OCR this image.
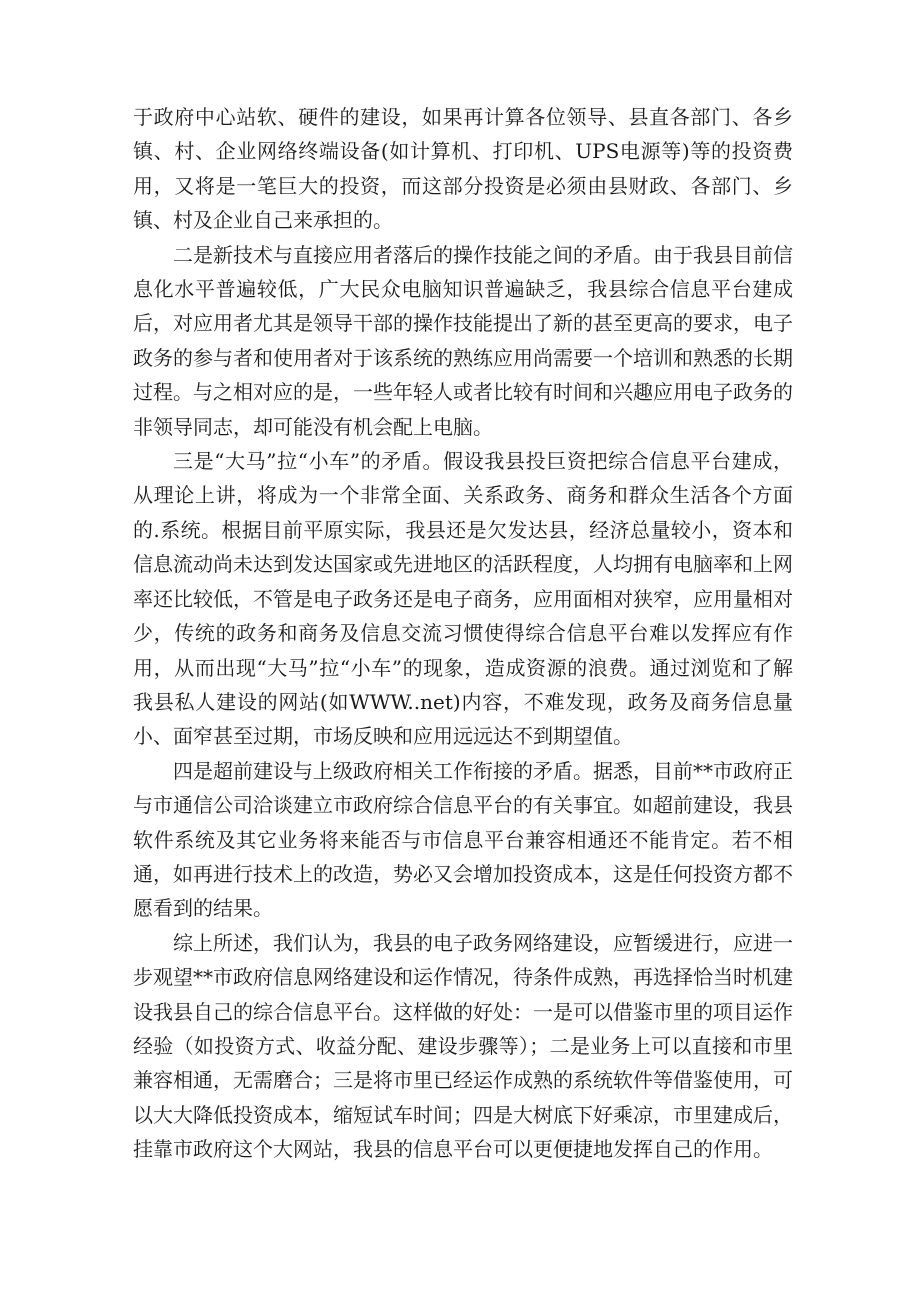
于政府中心站软、硬件的建设，如果再计算各位领导、县直各部门、各乡镇、村、企业网络终端设备(如计算机、打印机、UPS电源等)等的投资费用，又将是一笔巨大的投资，而这部分投资是必须由县财政、各部门、乡镇、村及企业自己来承担的。

二是新技术与直接应用者落后的操作技能之间的矛盾。由于我县目前信息化水平普遍较低，广大民众电脑知识普遍缺乏，我县综合信息平台建成后，对应用者尤其是领导干部的操作技能提出了新的甚至更高的要求，电子政务的参与者和使用者对于该系统的熟练应用尚需要一个培训和熟悉的长期过程。与之相对应的是，一些年轻人或者比较有时间和兴趣应用电子政务的非领导同志，却可能没有机会配上电脑。

三是“大马”拉“小车”的矛盾。假设我县投巨资把综合信息平台建成，从理论上讲，将成为一个非常全面、关系政务、商务和群众生活各个方面的.系统。根据目前平原实际，我县还是欠发达县，经济总量较小，资本和信息流动尚未达到发达国家或先进地区的活跃程度，人均拥有电脑率和上网率还比较低，不管是电子政务还是电子商务，应用面相对狭窄，应用量相对少，传统的政务和商务及信息交流习惯使得综合信息平台难以发挥应有作用，从而出现“大马”拉“小车”的现象，造成资源的浪费。通过浏览和了解我县私人建设的网站(如WWW..net)内容，不难发现，政务及商务信息量小、面窄甚至过期，市场反映和应用远远达不到期望值。

四是超前建设与上级政府相关工作衔接的矛盾。据悉，目前**市政府正与市通信公司洽谈建立市政府综合信息平台的有关事宜。如超前建设，我县软件系统及其它业务将来能否与市信息平台兼容相通还不能肯定。若不相通，如再进行技术上的改造，势必又会增加投资成本，这是任何投资方都不愿看到的结果。

综上所述，我们认为，我县的电子政务网络建设，应暂缓进行，应进一步观望**市政府信息网络建设和运作情况，待条件成熟，再选择恰当时机建设我县自己的综合信息平台。这样做的好处：一是可以借鉴市里的项目运作经验（如投资方式、收益分配、建设步骤等）；二是业务上可以直接和市里兼容相通，无需磨合；三是将市里已经运作成熟的系统软件等借鉴使用，可以大大降低投资成本，缩短试车时间；四是大树底下好乘凉，市里建成后，挂靠市政府这个大网站，我县的信息平台可以更便捷地发挥自己的作用。
